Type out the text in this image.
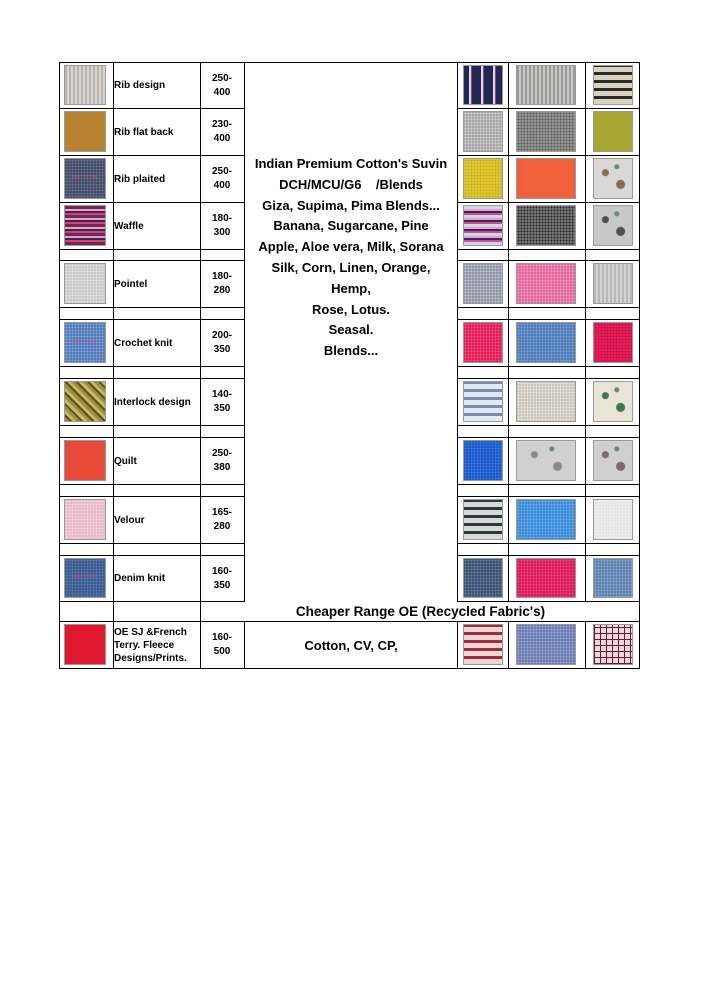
Rib design
250-
400
Rib flat back
230-
400
KNIT ZONE	Rib plaited
250-
400
Waffle
180-
300
Pointel
180-
280
KNIT ZONE	Crochet knit
200-
350
Interlock design
140-
350
Quilt
250-
380
Velour
165-
280
KNIT ZONE	Denim knit
160-
350
OE SJ &French Terry. Fleece Designs/Prints.
160-
500
Indian Premium Cotton's Suvin
DCH/MCU/G6    /Blends
Giza, Supima, Pima Blends...
Banana, Sugarcane, Pine
Apple, Aloe vera, Milk, Sorana
Silk, Corn, Linen, Orange,
Hemp,
Rose, Lotus.
Seasal.
Blends...
Cheaper Range OE (Recycled Fabric's)
Cotton, CV, CP,
